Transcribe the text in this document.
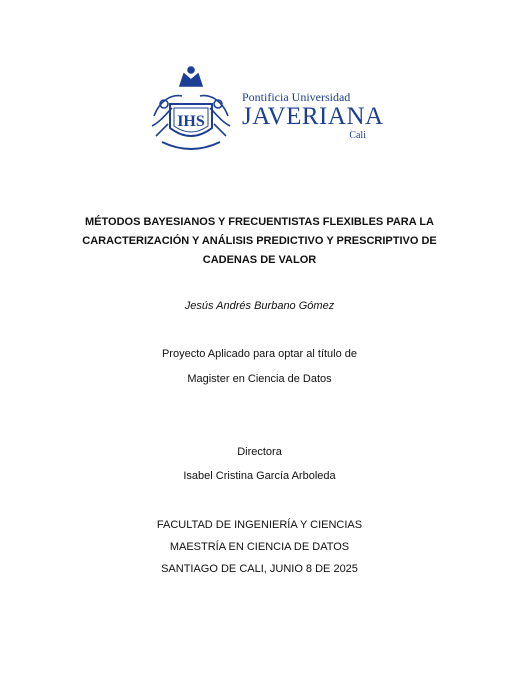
IHS
Pontificia Universidad
JAVERIANA
Cali
MÉTODOS BAYESIANOS Y FRECUENTISTAS FLEXIBLES PARA LA CARACTERIZACIÓN Y ANÁLISIS PREDICTIVO Y PRESCRIPTIVO DE CADENAS DE VALOR
Jesús Andrés Burbano Gómez
Proyecto Aplicado para optar al título de
Magister en Ciencia de Datos
Directora
Isabel Cristina García Arboleda
FACULTAD DE INGENIERÍA Y CIENCIAS
MAESTRÍA EN CIENCIA DE DATOS
SANTIAGO DE CALI, JUNIO 8 DE 2025
